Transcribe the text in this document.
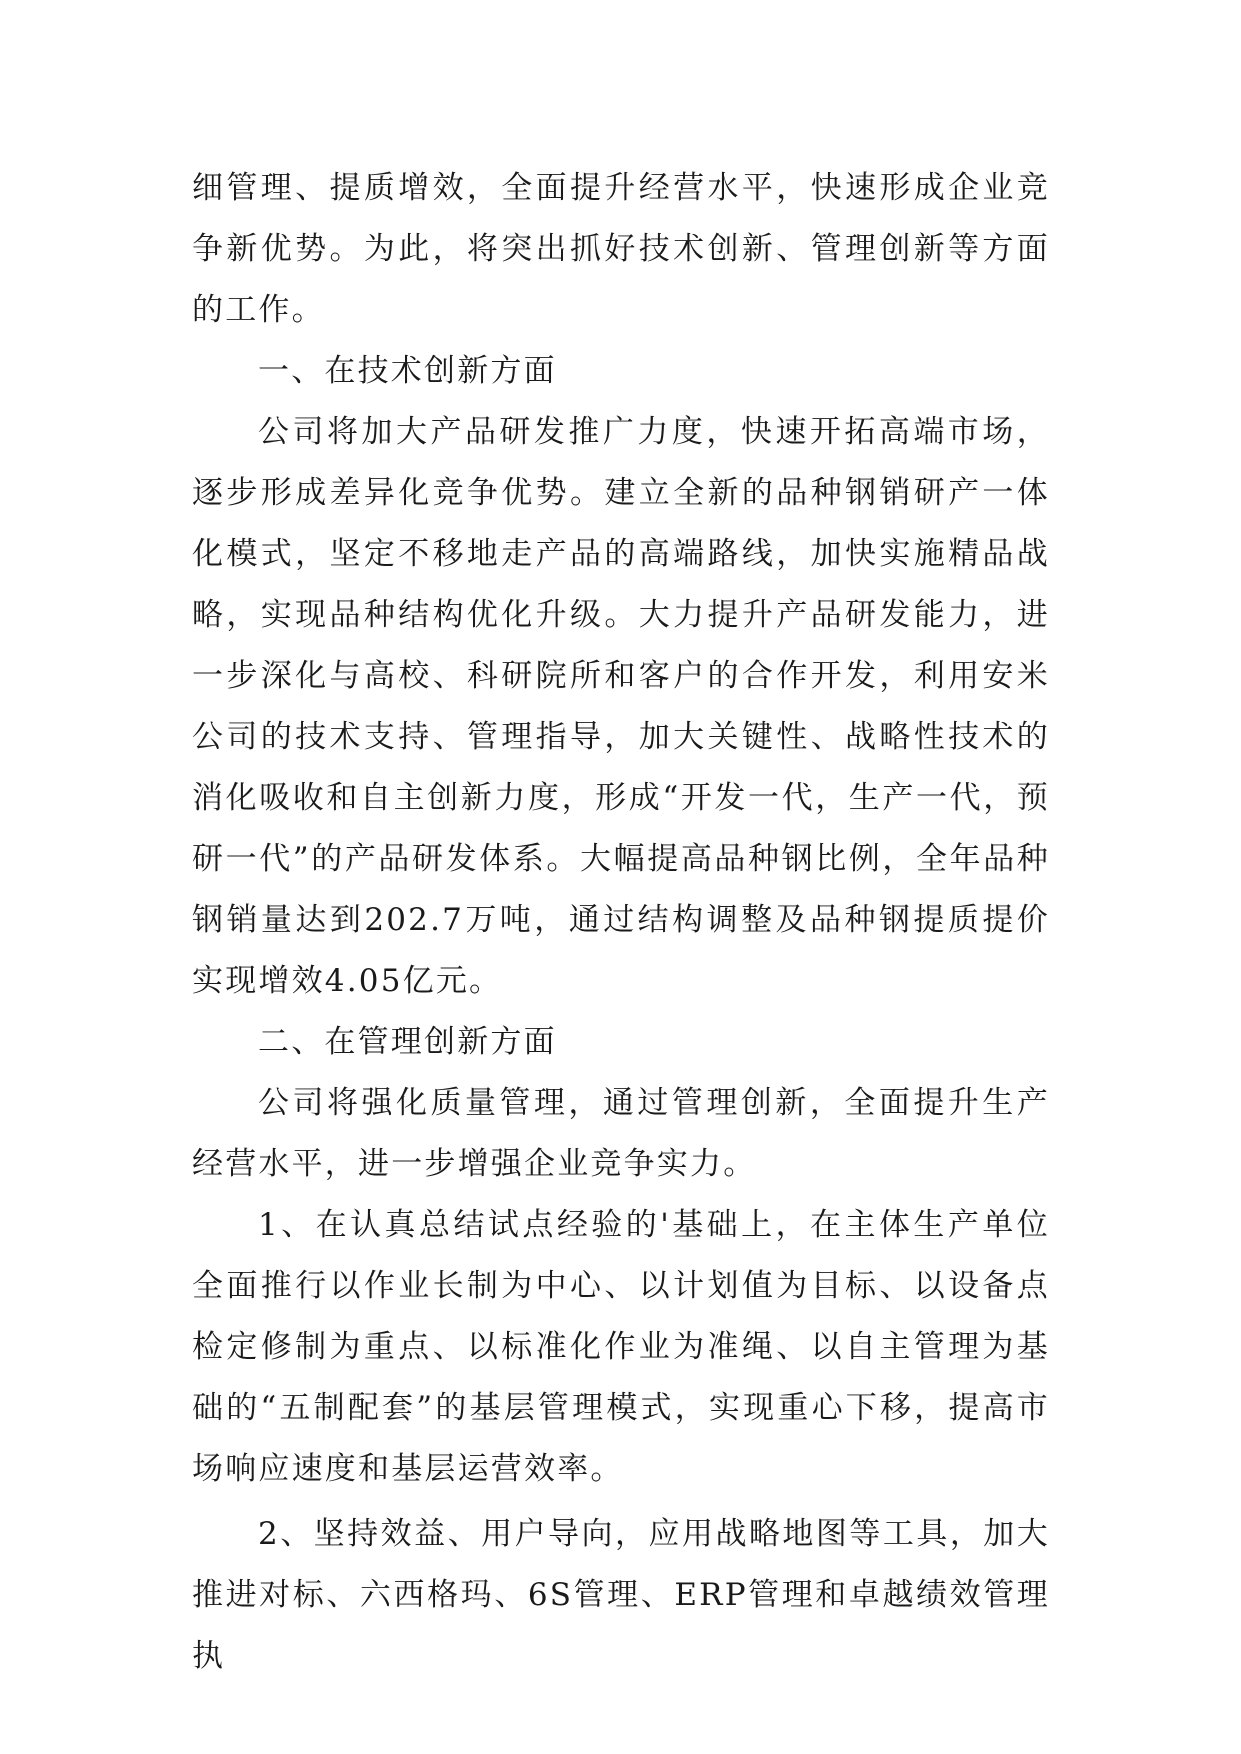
细管理、提质增效，全面提升经营水平，快速形成企业竞争新优势。为此，将突出抓好技术创新、管理创新等方面的工作。

一、在技术创新方面

公司将加大产品研发推广力度，快速开拓高端市场，逐步形成差异化竞争优势。建立全新的品种钢销研产一体化模式，坚定不移地走产品的高端路线，加快实施精品战略，实现品种结构优化升级。大力提升产品研发能力，进一步深化与高校、科研院所和客户的合作开发，利用安米公司的技术支持、管理指导，加大关键性、战略性技术的消化吸收和自主创新力度，形成“开发一代，生产一代，预研一代”的产品研发体系。大幅提高品种钢比例，全年品种钢销量达到202.7万吨，通过结构调整及品种钢提质提价实现增效4.05亿元。

二、在管理创新方面

公司将强化质量管理，通过管理创新，全面提升生产经营水平，进一步增强企业竞争实力。

1、在认真总结试点经验的'基础上，在主体生产单位全面推行以作业长制为中心、以计划值为目标、以设备点检定修制为重点、以标准化作业为准绳、以自主管理为基础的“五制配套”的基层管理模式，实现重心下移，提高市场响应速度和基层运营效率。

2、坚持效益、用户导向，应用战略地图等工具，加大推进对标、六西格玛、6S管理、ERP管理和卓越绩效管理执
